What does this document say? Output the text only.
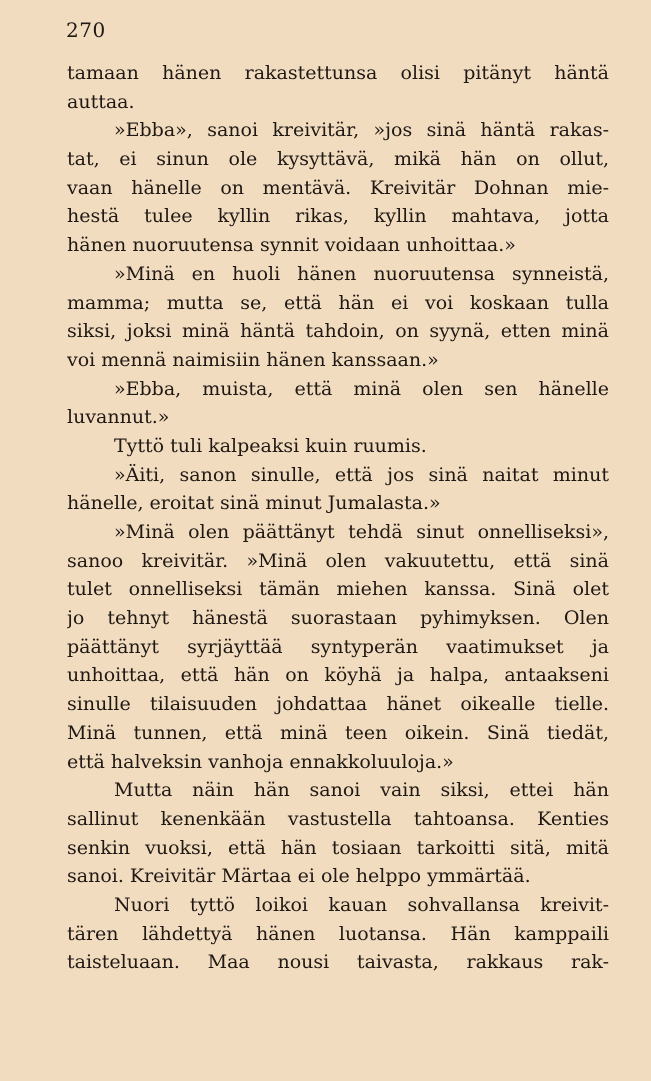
270
tamaan hänen rakastettunsa olisi pitänyt häntä
auttaa.
»Ebba», sanoi kreivitär, »jos sinä häntä rakas-
tat, ei sinun ole kysyttävä, mikä hän on ollut,
vaan hänelle on mentävä. Kreivitär Dohnan mie-
hestä tulee kyllin rikas, kyllin mahtava, jotta
hänen nuoruutensa synnit voidaan unhoittaa.»
»Minä en huoli hänen nuoruutensa synneistä,
mamma; mutta se, että hän ei voi koskaan tulla
siksi, joksi minä häntä tahdoin, on syynä, etten minä
voi mennä naimisiin hänen kanssaan.»
»Ebba, muista, että minä olen sen hänelle
luvannut.»
Tyttö tuli kalpeaksi kuin ruumis.
»Äiti, sanon sinulle, että jos sinä naitat minut
hänelle, eroitat sinä minut Jumalasta.»
»Minä olen päättänyt tehdä sinut onnelliseksi»,
sanoo kreivitär. »Minä olen vakuutettu, että sinä
tulet onnelliseksi tämän miehen kanssa. Sinä olet
jo tehnyt hänestä suorastaan pyhimyksen. Olen
päättänyt syrjäyttää syntyperän vaatimukset ja
unhoittaa, että hän on köyhä ja halpa, antaakseni
sinulle tilaisuuden johdattaa hänet oikealle tielle.
Minä tunnen, että minä teen oikein. Sinä tiedät,
että halveksin vanhoja ennakkoluuloja.»
Mutta näin hän sanoi vain siksi, ettei hän
sallinut kenenkään vastustella tahtoansa. Kenties
senkin vuoksi, että hän tosiaan tarkoitti sitä, mitä
sanoi. Kreivitär Märtaa ei ole helppo ymmärtää.
Nuori tyttö loikoi kauan sohvallansa kreivit-
tären lähdettyä hänen luotansa. Hän kamppaili
taisteluaan. Maa nousi taivasta, rakkaus rak-
